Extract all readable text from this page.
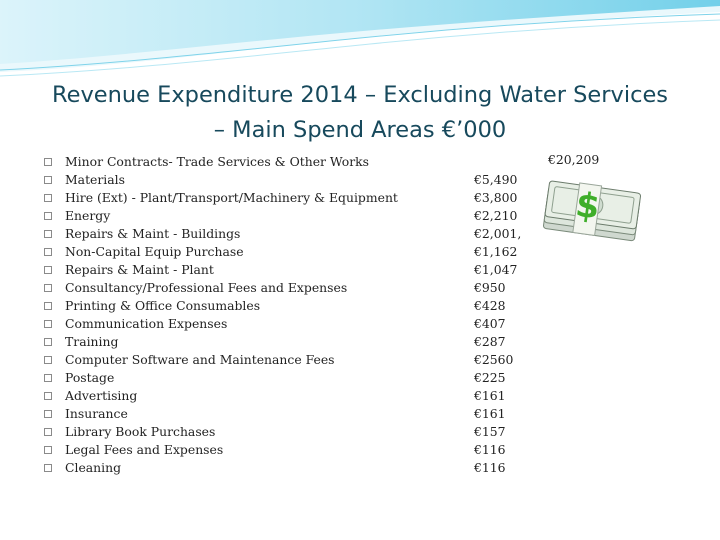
Revenue Expenditure 2014 – Excluding Water Services
– Main Spend Areas €’000
€20,209
Minor Contracts- Trade Services & Other Works
Materials
Hire (Ext) - Plant/Transport/Machinery & Equipment
Energy
Repairs & Maint - Buildings
Non-Capital Equip Purchase
Repairs & Maint - Plant
Consultancy/Professional Fees and Expenses
Printing & Office Consumables
Communication Expenses
Training
Computer Software and Maintenance Fees
Postage
Advertising
Insurance
Library Book Purchases
Legal Fees and Expenses
Cleaning
€5,490
€3,800
€2,210
€2,001,
€1,162
€1,047
€950
€428
€407
€287
€2560
€225
€161
€161
€157
€116
€116
$
